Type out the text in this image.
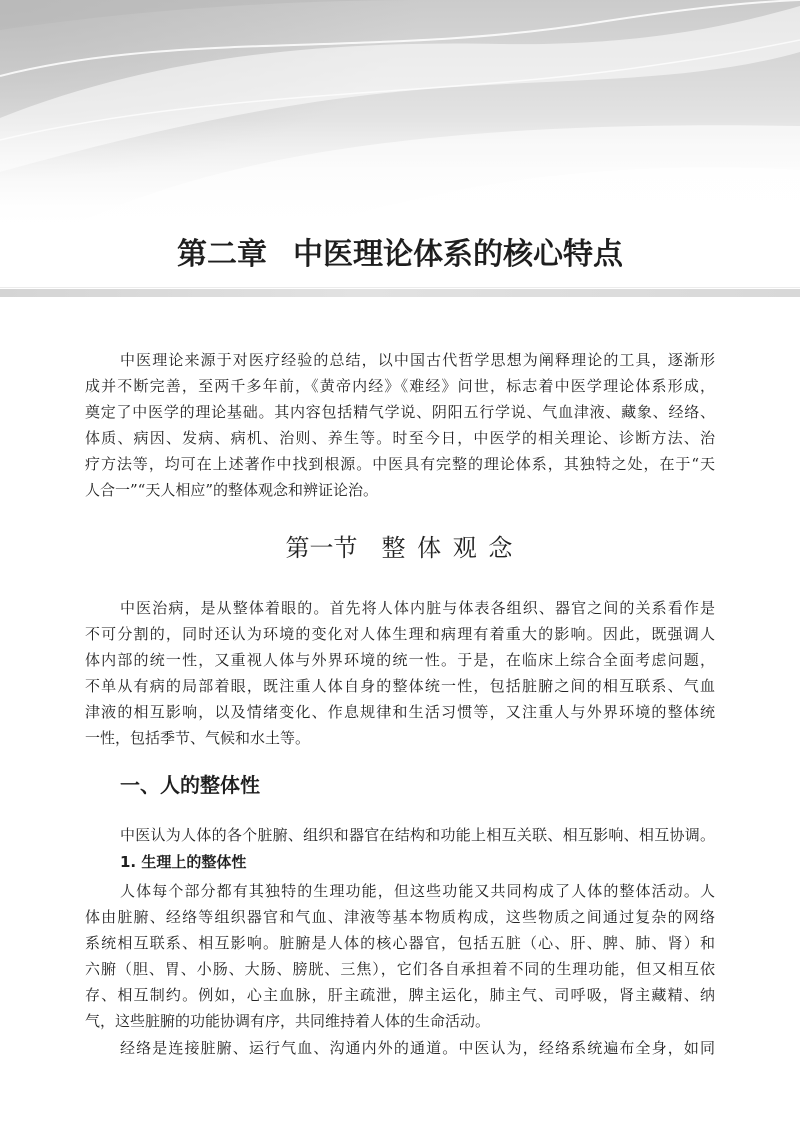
第二章 中医理论体系的核心特点
中医理论来源于对医疗经验的总结，以中国古代哲学思想为阐释理论的工具，逐渐形
成并不断完善，至两千多年前，《黄帝内经》《难经》问世，标志着中医学理论体系形成，
奠定了中医学的理论基础。其内容包括精气学说、阴阳五行学说、气血津液、藏象、经络、
体质、病因、发病、病机、治则、养生等。时至今日，中医学的相关理论、诊断方法、治
疗方法等，均可在上述著作中找到根源。中医具有完整的理论体系，其独特之处，在于“天
人合一”“天人相应”的整体观念和辨证论治。
第一节 整 体 观 念
中医治病，是从整体着眼的。首先将人体内脏与体表各组织、器官之间的关系看作是
不可分割的，同时还认为环境的变化对人体生理和病理有着重大的影响。因此，既强调人
体内部的统一性，又重视人体与外界环境的统一性。于是，在临床上综合全面考虑问题，
不单从有病的局部着眼，既注重人体自身的整体统一性，包括脏腑之间的相互联系、气血
津液的相互影响，以及情绪变化、作息规律和生活习惯等，又注重人与外界环境的整体统
一性，包括季节、气候和水土等。
一、人的整体性
中医认为人体的各个脏腑、组织和器官在结构和功能上相互关联、相互影响、相互协调。
1. 生理上的整体性
人体每个部分都有其独特的生理功能，但这些功能又共同构成了人体的整体活动。人
体由脏腑、经络等组织器官和气血、津液等基本物质构成，这些物质之间通过复杂的网络
系统相互联系、相互影响。脏腑是人体的核心器官，包括五脏（心、肝、脾、肺、肾）和
六腑（胆、胃、小肠、大肠、膀胱、三焦），它们各自承担着不同的生理功能，但又相互依
存、相互制约。例如，心主血脉，肝主疏泄，脾主运化，肺主气、司呼吸，肾主藏精、纳
气，这些脏腑的功能协调有序，共同维持着人体的生命活动。
经络是连接脏腑、运行气血、沟通内外的通道。中医认为，经络系统遍布全身，如同
